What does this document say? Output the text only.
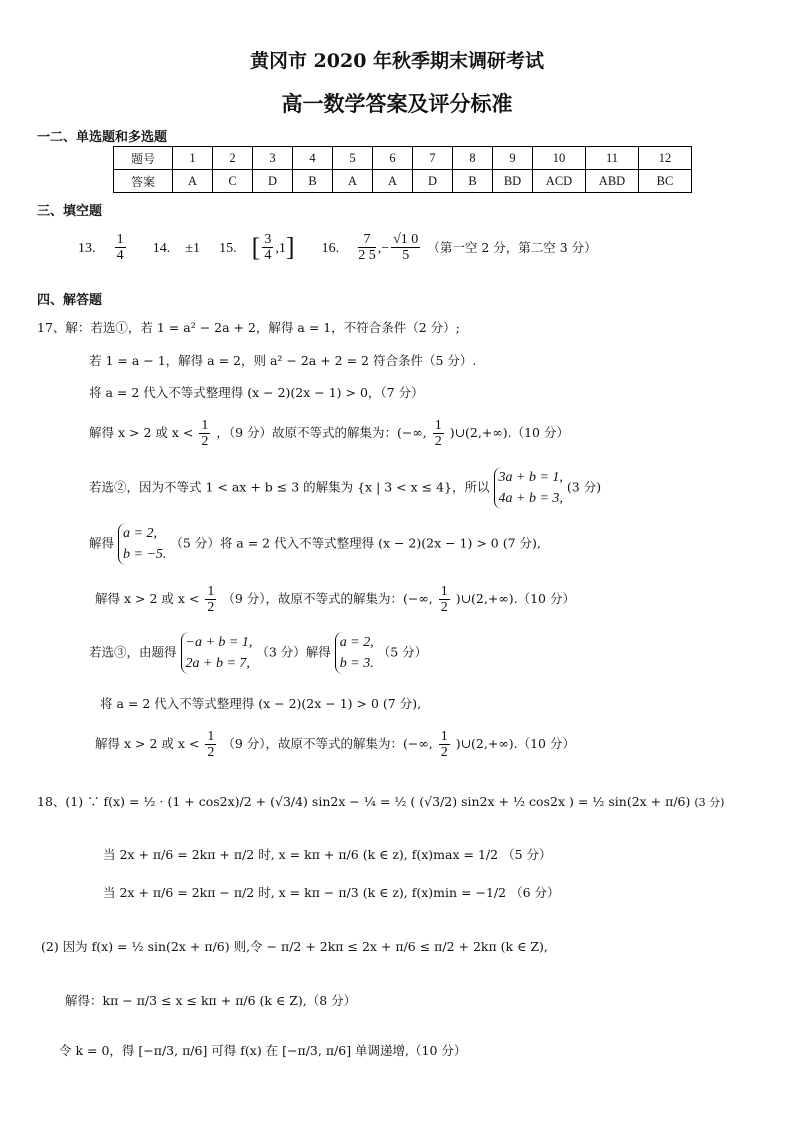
黄冈市 2020 年秋季期末调研考试
高一数学答案及评分标准
一二、单选题和多选题
题号	1	2	3	4	5	6	7	8	9	10	11	12
答案	A	C	D	B	A	A	D	B	BD	ACD	ABD	BC
三、填空题
13. $\frac{1}{4} 14$. ±1 15. [ $\frac{3}{4} ,1$] 16. $\frac{7}{2 5}$ ,− $\frac{√1 0}{5}$ （第一空 2 分，第二空 3 分）
四、解答题
17、解：若选①，若 1 = a² − 2a + 2，解得 a = 1，不符合条件（2 分）;
若 1 = a − 1，解得 a = 2，则 a² − 2a + 2 = 2 符合条件（5 分）.
将 a = 2 代入不等式整理得 (x − 2)(2x − 1) > 0，（7 分）
解得 x > 2 或 $x < \frac{1}{2}$ ，（9 分）故原不等式的解集为：(−∞, $\frac{1}{2}$ )∪(2,+∞).（10 分）
若选②，因为不等式 1 < ax + b ≤ 3 的解集为 {x | 3 < x ≤ 4}，所以
3a + b = 1,
4a + b = 3,
(3 分)
解得
a = 2,
b = −5.
（5 分）将 a = 2 代入不等式整理得 (x − 2)(2x − 1) > 0 (7 分),
解得 x > 2 或 $x < \frac{1}{2} (9$ 分），故原不等式的解集为：(−∞, $\frac{1}{2}$ )∪(2,+∞).（10 分）
若选③，由题得
−a + b = 1,
2a + b = 7,
（3 分）解得
a = 2,
b = 3.
（5 分）
将 a = 2 代入不等式整理得 (x − 2)(2x − 1) > 0 (7 分),
解得 x > 2 或 $x < \frac{1}{2} (9$ 分），故原不等式的解集为：(−∞, $\frac{1}{2}$ )∪(2,+∞).（10 分）
18、(1) ∵ f(x) = ½ · (1 + cos2x)/2 + (√3/4) sin2x − ¼ = ½ ( (√3/2) sin2x + ½ cos2x ) = ½ sin(2x + π/6) (3 分)
当 2x + π/6 = 2kπ + π/2 时, x = kπ + π/6 (k ∈ z), f(x)max = 1/2 （5 分）
当 2x + π/6 = 2kπ − π/2 时, x = kπ − π/3 (k ∈ z), f(x)min = −1/2 （6 分）
(2) 因为 f(x) = ½ sin(2x + π/6) 则,令 − π/2 + 2kπ ≤ 2x + π/6 ≤ π/2 + 2kπ (k ∈ Z),
解得：kπ − π/3 ≤ x ≤ kπ + π/6 (k ∈ Z),（8 分）
令 k = 0，得 [−π/3, π/6] 可得 f(x) 在 [−π/3, π/6] 单调递增,（10 分）
